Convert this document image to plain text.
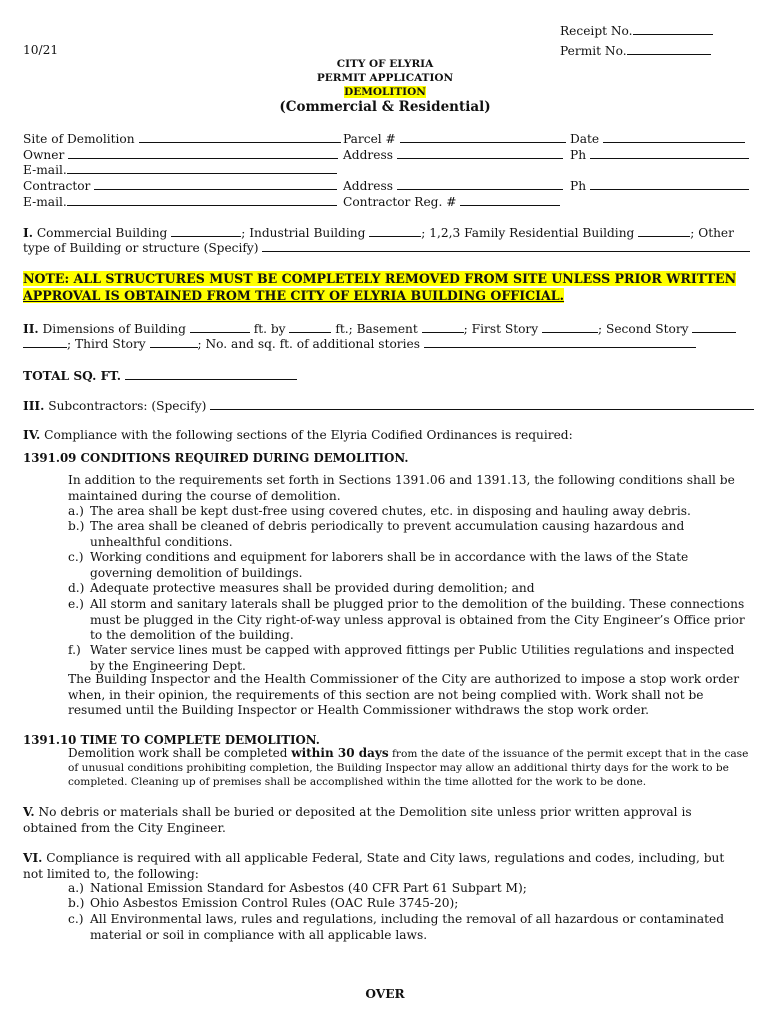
Receipt No.
Permit No.
10/21
CITY OF ELYRIA
PERMIT APPLICATION
DEMOLITION
(Commercial & Residential)
Site of Demolition	Parcel #	Date
Owner	Address	Ph
E-mail.
Contractor	Address	Ph
E-mail.	Contractor Reg. #
I. Commercial Building	; Industrial Building	; 1,2,3 Family Residential Building	; Other
type of Building or structure (Specify)
NOTE: ALL STRUCTURES MUST BE COMPLETELY REMOVED FROM SITE UNLESS PRIOR WRITTEN
APPROVAL IS OBTAINED FROM THE CITY OF ELYRIA BUILDING OFFICIAL.
II. Dimensions of Building	ft. by	ft.; Basement	; First Story	; Second Story
; Third Story	; No. and sq. ft. of additional stories
TOTAL SQ. FT.
III. Subcontractors: (Specify)
IV. Compliance with the following sections of the Elyria Codified Ordinances is required:
1391.09 CONDITIONS REQUIRED DURING DEMOLITION.
In addition to the requirements set forth in Sections 1391.06 and 1391.13, the following conditions shall be maintained during the course of demolition.
a.) The area shall be kept dust-free using covered chutes, etc. in disposing and hauling away debris.
b.) The area shall be cleaned of debris periodically to prevent accumulation causing hazardous and unhealthful conditions.
c.) Working conditions and equipment for laborers shall be in accordance with the laws of the State governing demolition of buildings.
d.) Adequate protective measures shall be provided during demolition; and
e.) All storm and sanitary laterals shall be plugged prior to the demolition of the building. These connections must be plugged in the City right-of-way unless approval is obtained from the City Engineer’s Office prior to the demolition of the building.
f.) Water service lines must be capped with approved fittings per Public Utilities regulations and inspected by the Engineering Dept.
The Building Inspector and the Health Commissioner of the City are authorized to impose a stop work order when, in their opinion, the requirements of this section are not being complied with. Work shall not be resumed until the Building Inspector or Health Commissioner withdraws the stop work order.
1391.10 TIME TO COMPLETE DEMOLITION.
Demolition work shall be completed within 30 days from the date of the issuance of the permit except that in the case of unusual conditions prohibiting completion, the Building Inspector may allow an additional thirty days for the work to be completed. Cleaning up of premises shall be accomplished within the time allotted for the work to be done.
V. No debris or materials shall be buried or deposited at the Demolition site unless prior written approval is obtained from the City Engineer.
VI. Compliance is required with all applicable Federal, State and City laws, regulations and codes, including, but not limited to, the following:
a.) National Emission Standard for Asbestos (40 CFR Part 61 Subpart M);
b.) Ohio Asbestos Emission Control Rules (OAC Rule 3745-20);
c.) All Environmental laws, rules and regulations, including the removal of all hazardous or contaminated material or soil in compliance with all applicable laws.
OVER
